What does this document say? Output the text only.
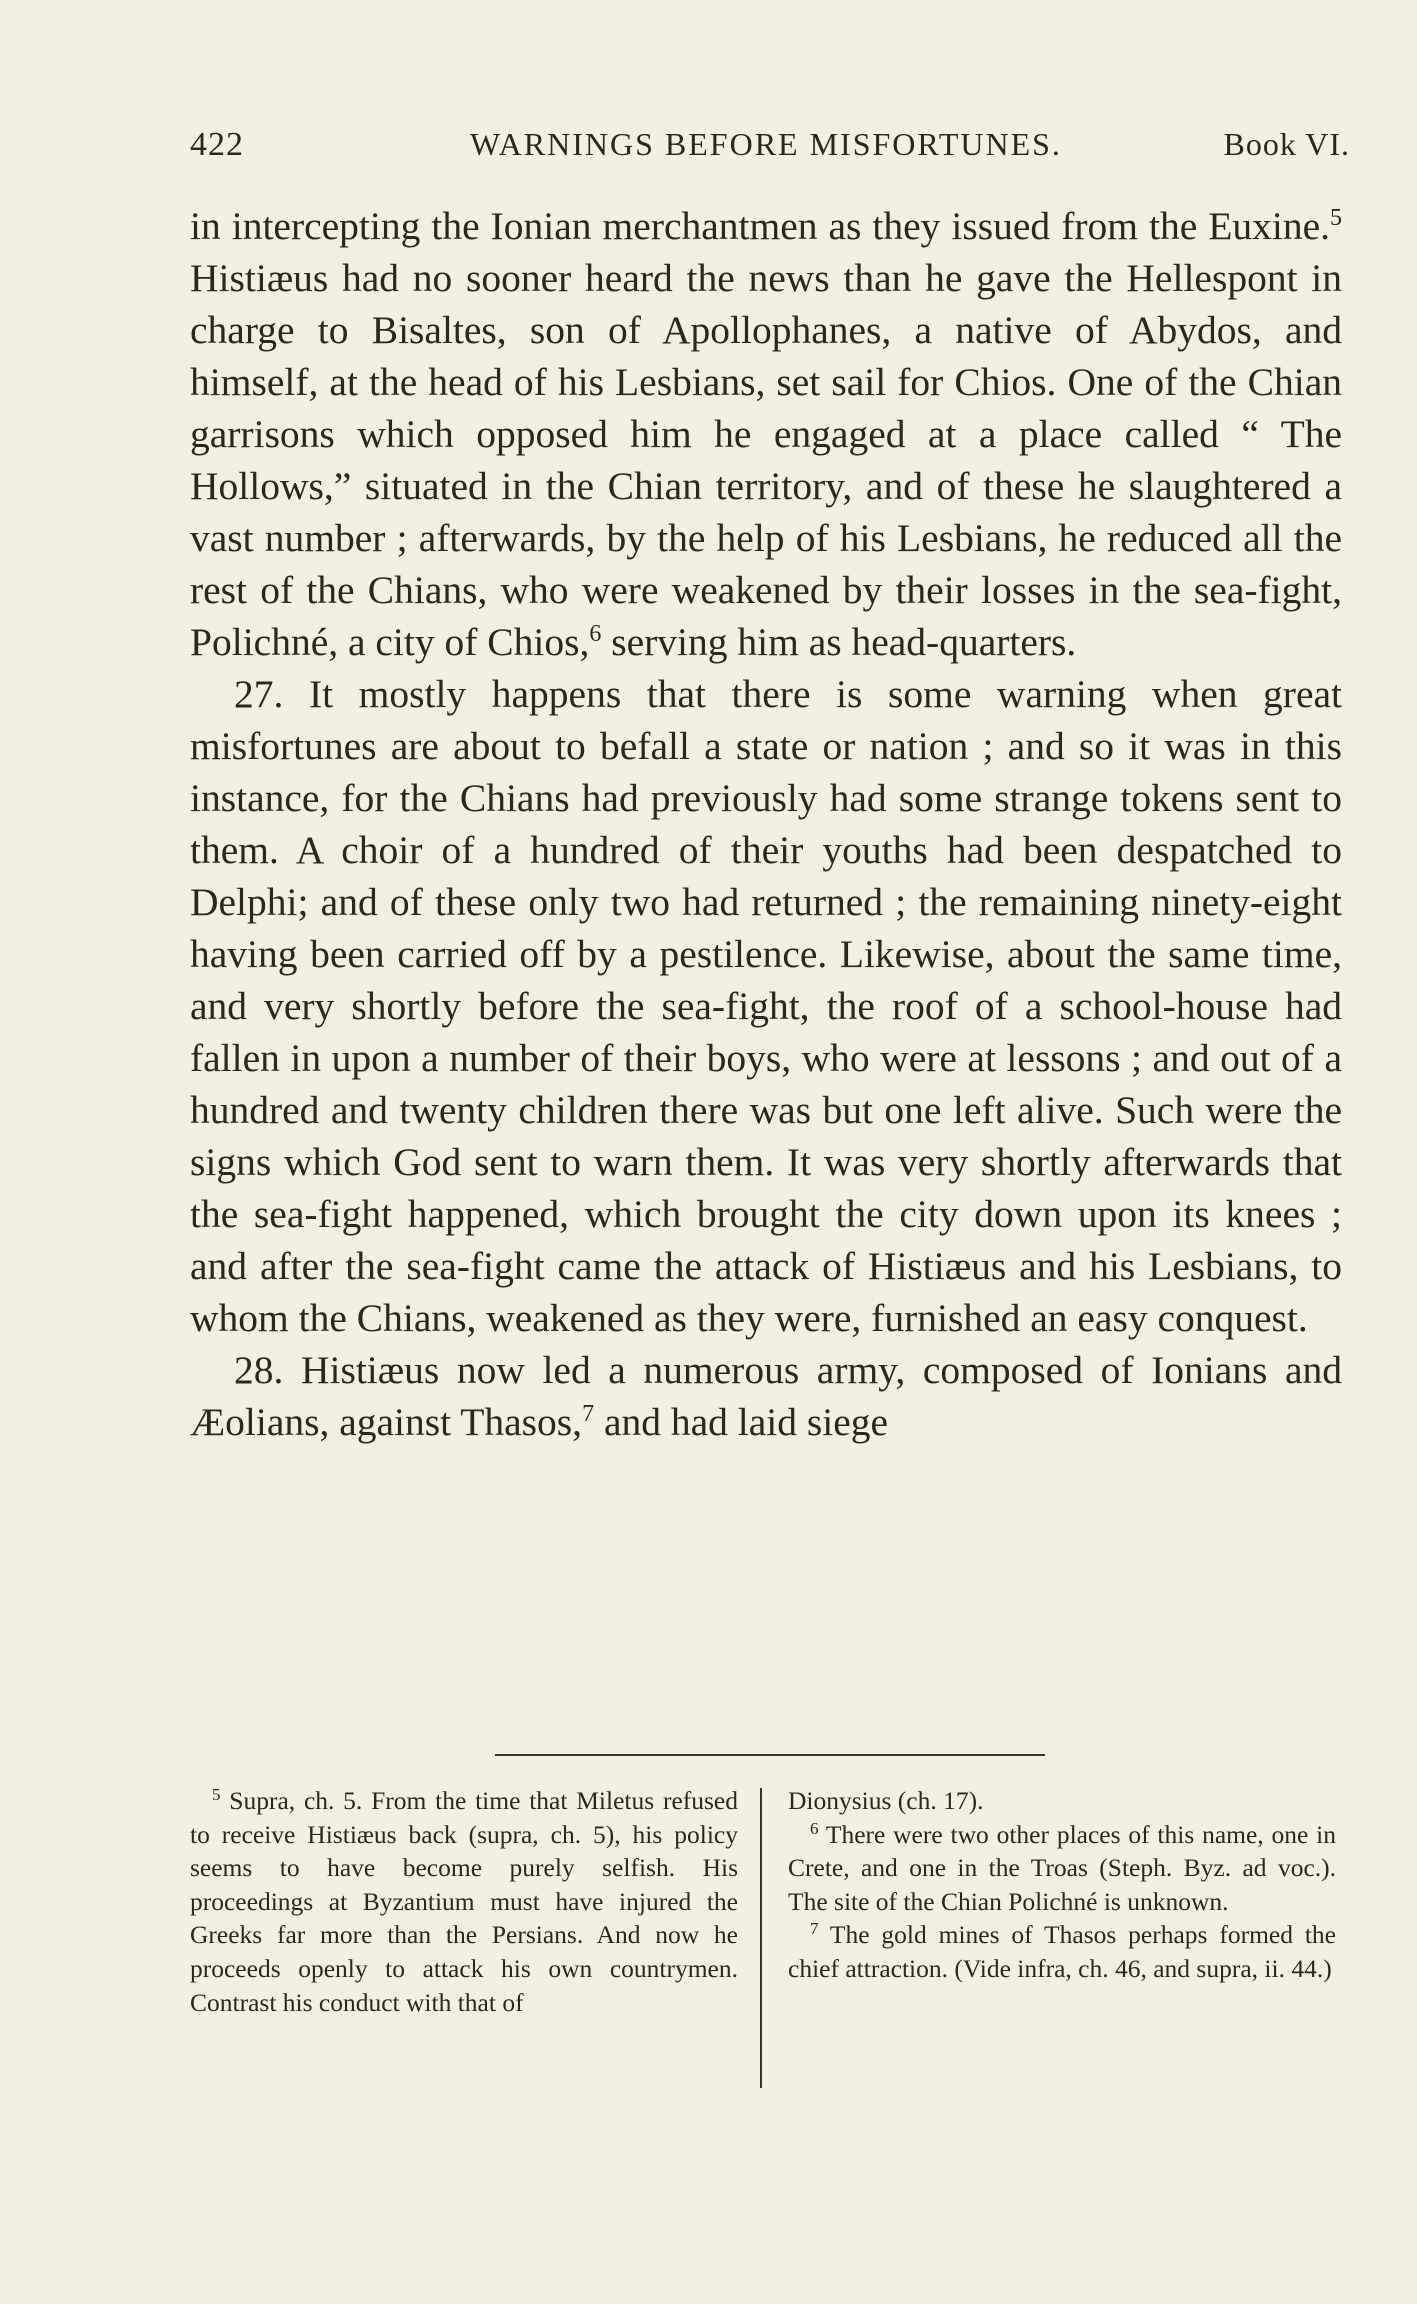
422	WARNINGS BEFORE MISFORTUNES.	Book VI.

in intercepting the Ionian merchantmen as they issued from the Euxine.$^5$ Histiæus had no sooner heard the news than he gave the Hellespont in charge to Bisaltes, son of Apollophanes, a native of Abydos, and himself, at the head of his Lesbians, set sail for Chios. One of the Chian garrisons which opposed him he engaged at a place called “ The Hollows,” situated in the Chian territory, and of these he slaughtered a vast number ; afterwards, by the help of his Lesbians, he reduced all the rest of the Chians, who were weakened by their losses in the sea-fight, Polichné, a city of Chios,$^6$ serving him as head-quarters.

27. It mostly happens that there is some warning when great misfortunes are about to befall a state or nation ; and so it was in this instance, for the Chians had previously had some strange tokens sent to them. A choir of a hundred of their youths had been despatched to Delphi; and of these only two had returned ; the remaining ninety-eight having been carried off by a pestilence. Likewise, about the same time, and very shortly before the sea-fight, the roof of a school-house had fallen in upon a number of their boys, who were at lessons ; and out of a hundred and twenty children there was but one left alive. Such were the signs which God sent to warn them. It was very shortly afterwards that the sea-fight happened, which brought the city down upon its knees ; and after the sea-fight came the attack of Histiæus and his Lesbians, to whom the Chians, weakened as they were, furnished an easy conquest.

28. Histiæus now led a numerous army, composed of Ionians and Æolians, against Thasos,$^7$ and had laid siege

$^5$ Supra, ch. 5. From the time that Miletus refused to receive Histiæus back (supra, ch. 5), his policy seems to have become purely selfish. His proceedings at Byzantium must have injured the Greeks far more than the Persians. And now he proceeds openly to attack his own countrymen. Contrast his conduct with that of

Dionysius (ch. 17).

$^6$ There were two other places of this name, one in Crete, and one in the Troas (Steph. Byz. ad voc.). The site of the Chian Polichné is unknown.

$^7$ The gold mines of Thasos perhaps formed the chief attraction. (Vide infra, ch. 46, and supra, ii. 44.)
